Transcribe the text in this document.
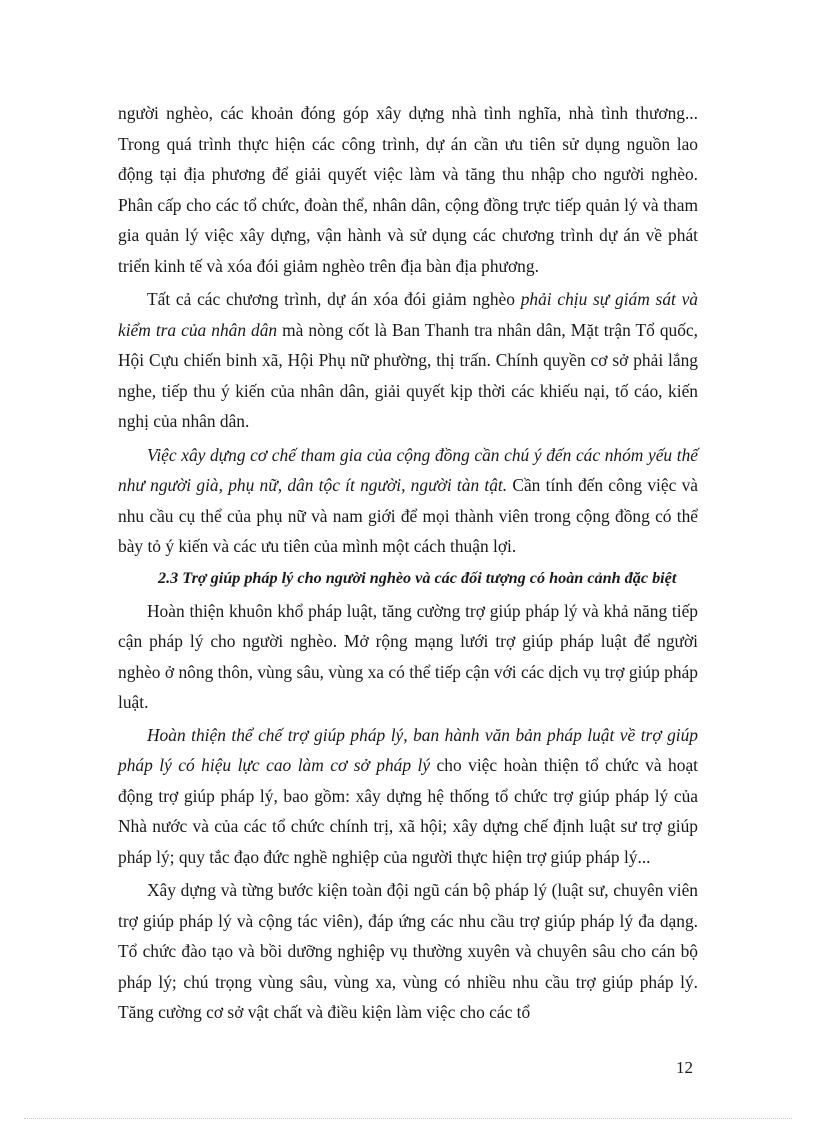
người nghèo, các khoản đóng góp xây dựng nhà tình nghĩa, nhà tình thương... Trong quá trình thực hiện các công trình, dự án cần ưu tiên sử dụng nguồn lao động tại địa phương để giải quyết việc làm và tăng thu nhập cho người nghèo. Phân cấp cho các tổ chức, đoàn thể, nhân dân, cộng đồng trực tiếp quản lý và tham gia quản lý việc xây dựng, vận hành và sử dụng các chương trình dự án về phát triển kinh tế và xóa đói giảm nghèo trên địa bàn địa phương.

Tất cả các chương trình, dự án xóa đói giảm nghèo phải chịu sự giám sát và kiểm tra của nhân dân mà nòng cốt là Ban Thanh tra nhân dân, Mặt trận Tổ quốc, Hội Cựu chiến binh xã, Hội Phụ nữ phường, thị trấn. Chính quyền cơ sở phải lắng nghe, tiếp thu ý kiến của nhân dân, giải quyết kịp thời các khiếu nại, tố cáo, kiến nghị của nhân dân.

Việc xây dựng cơ chế tham gia của cộng đồng cần chú ý đến các nhóm yếu thế như người già, phụ nữ, dân tộc ít người, người tàn tật. Cần tính đến công việc và nhu cầu cụ thể của phụ nữ và nam giới để mọi thành viên trong cộng đồng có thể bày tỏ ý kiến và các ưu tiên của mình một cách thuận lợi.

2.3 Trợ giúp pháp lý cho người nghèo và các đối tượng có hoàn cảnh đặc biệt

Hoàn thiện khuôn khổ pháp luật, tăng cường trợ giúp pháp lý và khả năng tiếp cận pháp lý cho người nghèo. Mở rộng mạng lưới trợ giúp pháp luật để người nghèo ở nông thôn, vùng sâu, vùng xa có thể tiếp cận với các dịch vụ trợ giúp pháp luật.

Hoàn thiện thể chế trợ giúp pháp lý, ban hành văn bản pháp luật về trợ giúp pháp lý có hiệu lực cao làm cơ sở pháp lý cho việc hoàn thiện tổ chức và hoạt động trợ giúp pháp lý, bao gồm: xây dựng hệ thống tổ chức trợ giúp pháp lý của Nhà nước và của các tổ chức chính trị, xã hội; xây dựng chế định luật sư trợ giúp pháp lý; quy tắc đạo đức nghề nghiệp của người thực hiện trợ giúp pháp lý...

Xây dựng và từng bước kiện toàn đội ngũ cán bộ pháp lý (luật sư, chuyên viên trợ giúp pháp lý và cộng tác viên), đáp ứng các nhu cầu trợ giúp pháp lý đa dạng. Tổ chức đào tạo và bồi dưỡng nghiệp vụ thường xuyên và chuyên sâu cho cán bộ pháp lý; chú trọng vùng sâu, vùng xa, vùng có nhiều nhu cầu trợ giúp pháp lý. Tăng cường cơ sở vật chất và điều kiện làm việc cho các tổ

12
